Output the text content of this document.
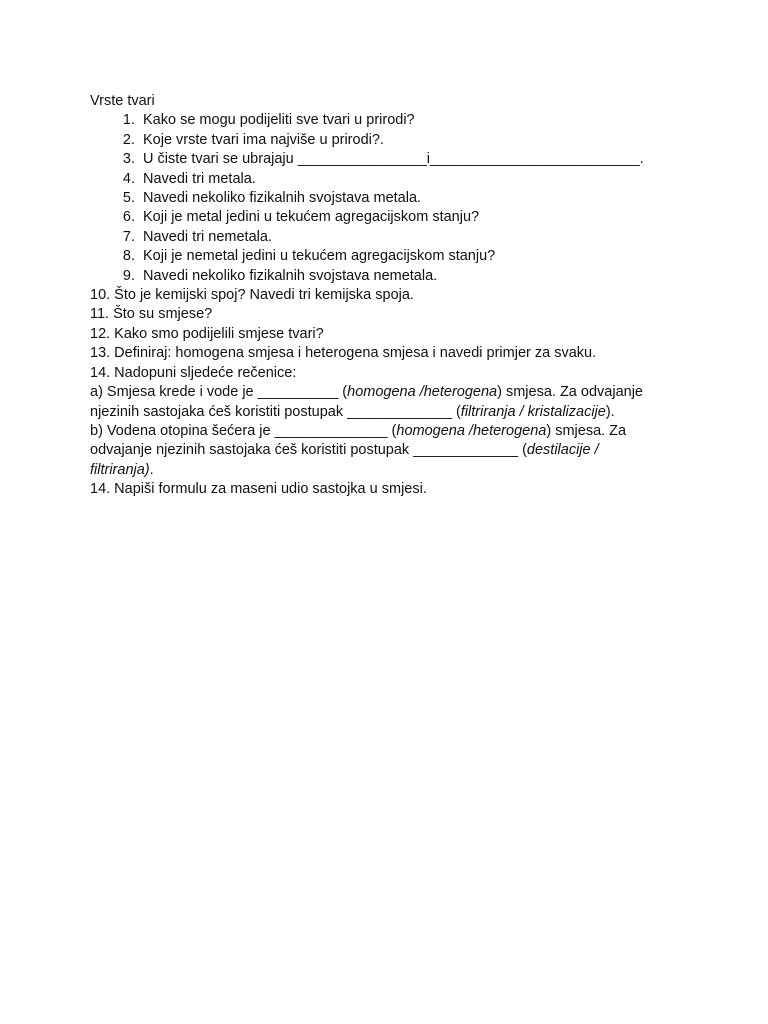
Vrste tvari
1. Kako se mogu podijeliti sve tvari u prirodi?
2. Koje vrste tvari ima najviše u prirodi?.
3. U čiste tvari se ubrajaju ________________i__________________________.
4. Navedi tri metala.
5. Navedi nekoliko fizikalnih svojstava metala.
6. Koji je metal jedini u tekućem agregacijskom stanju?
7. Navedi tri nemetala.
8. Koji je nemetal jedini u tekućem agregacijskom stanju?
9. Navedi nekoliko fizikalnih svojstava nemetala.
10. Što je kemijski spoj? Navedi tri kemijska spoja.
11. Što su smjese?
12. Kako smo podijelili smjese tvari?
13. Definiraj: homogena smjesa i heterogena smjesa i navedi primjer za svaku.
14. Nadopuni sljedeće rečenice:
a) Smjesa krede i vode je __________ (homogena /heterogena) smjesa. Za odvajanje
njezinih sastojaka ćeš koristiti postupak _____________ (filtriranja / kristalizacije).
b) Vodena otopina šećera je ______________ (homogena /heterogena) smjesa. Za
odvajanje njezinih sastojaka ćeš koristiti postupak _____________ (destilacije /
filtriranja).
14. Napiši formulu za maseni udio sastojka u smjesi.
